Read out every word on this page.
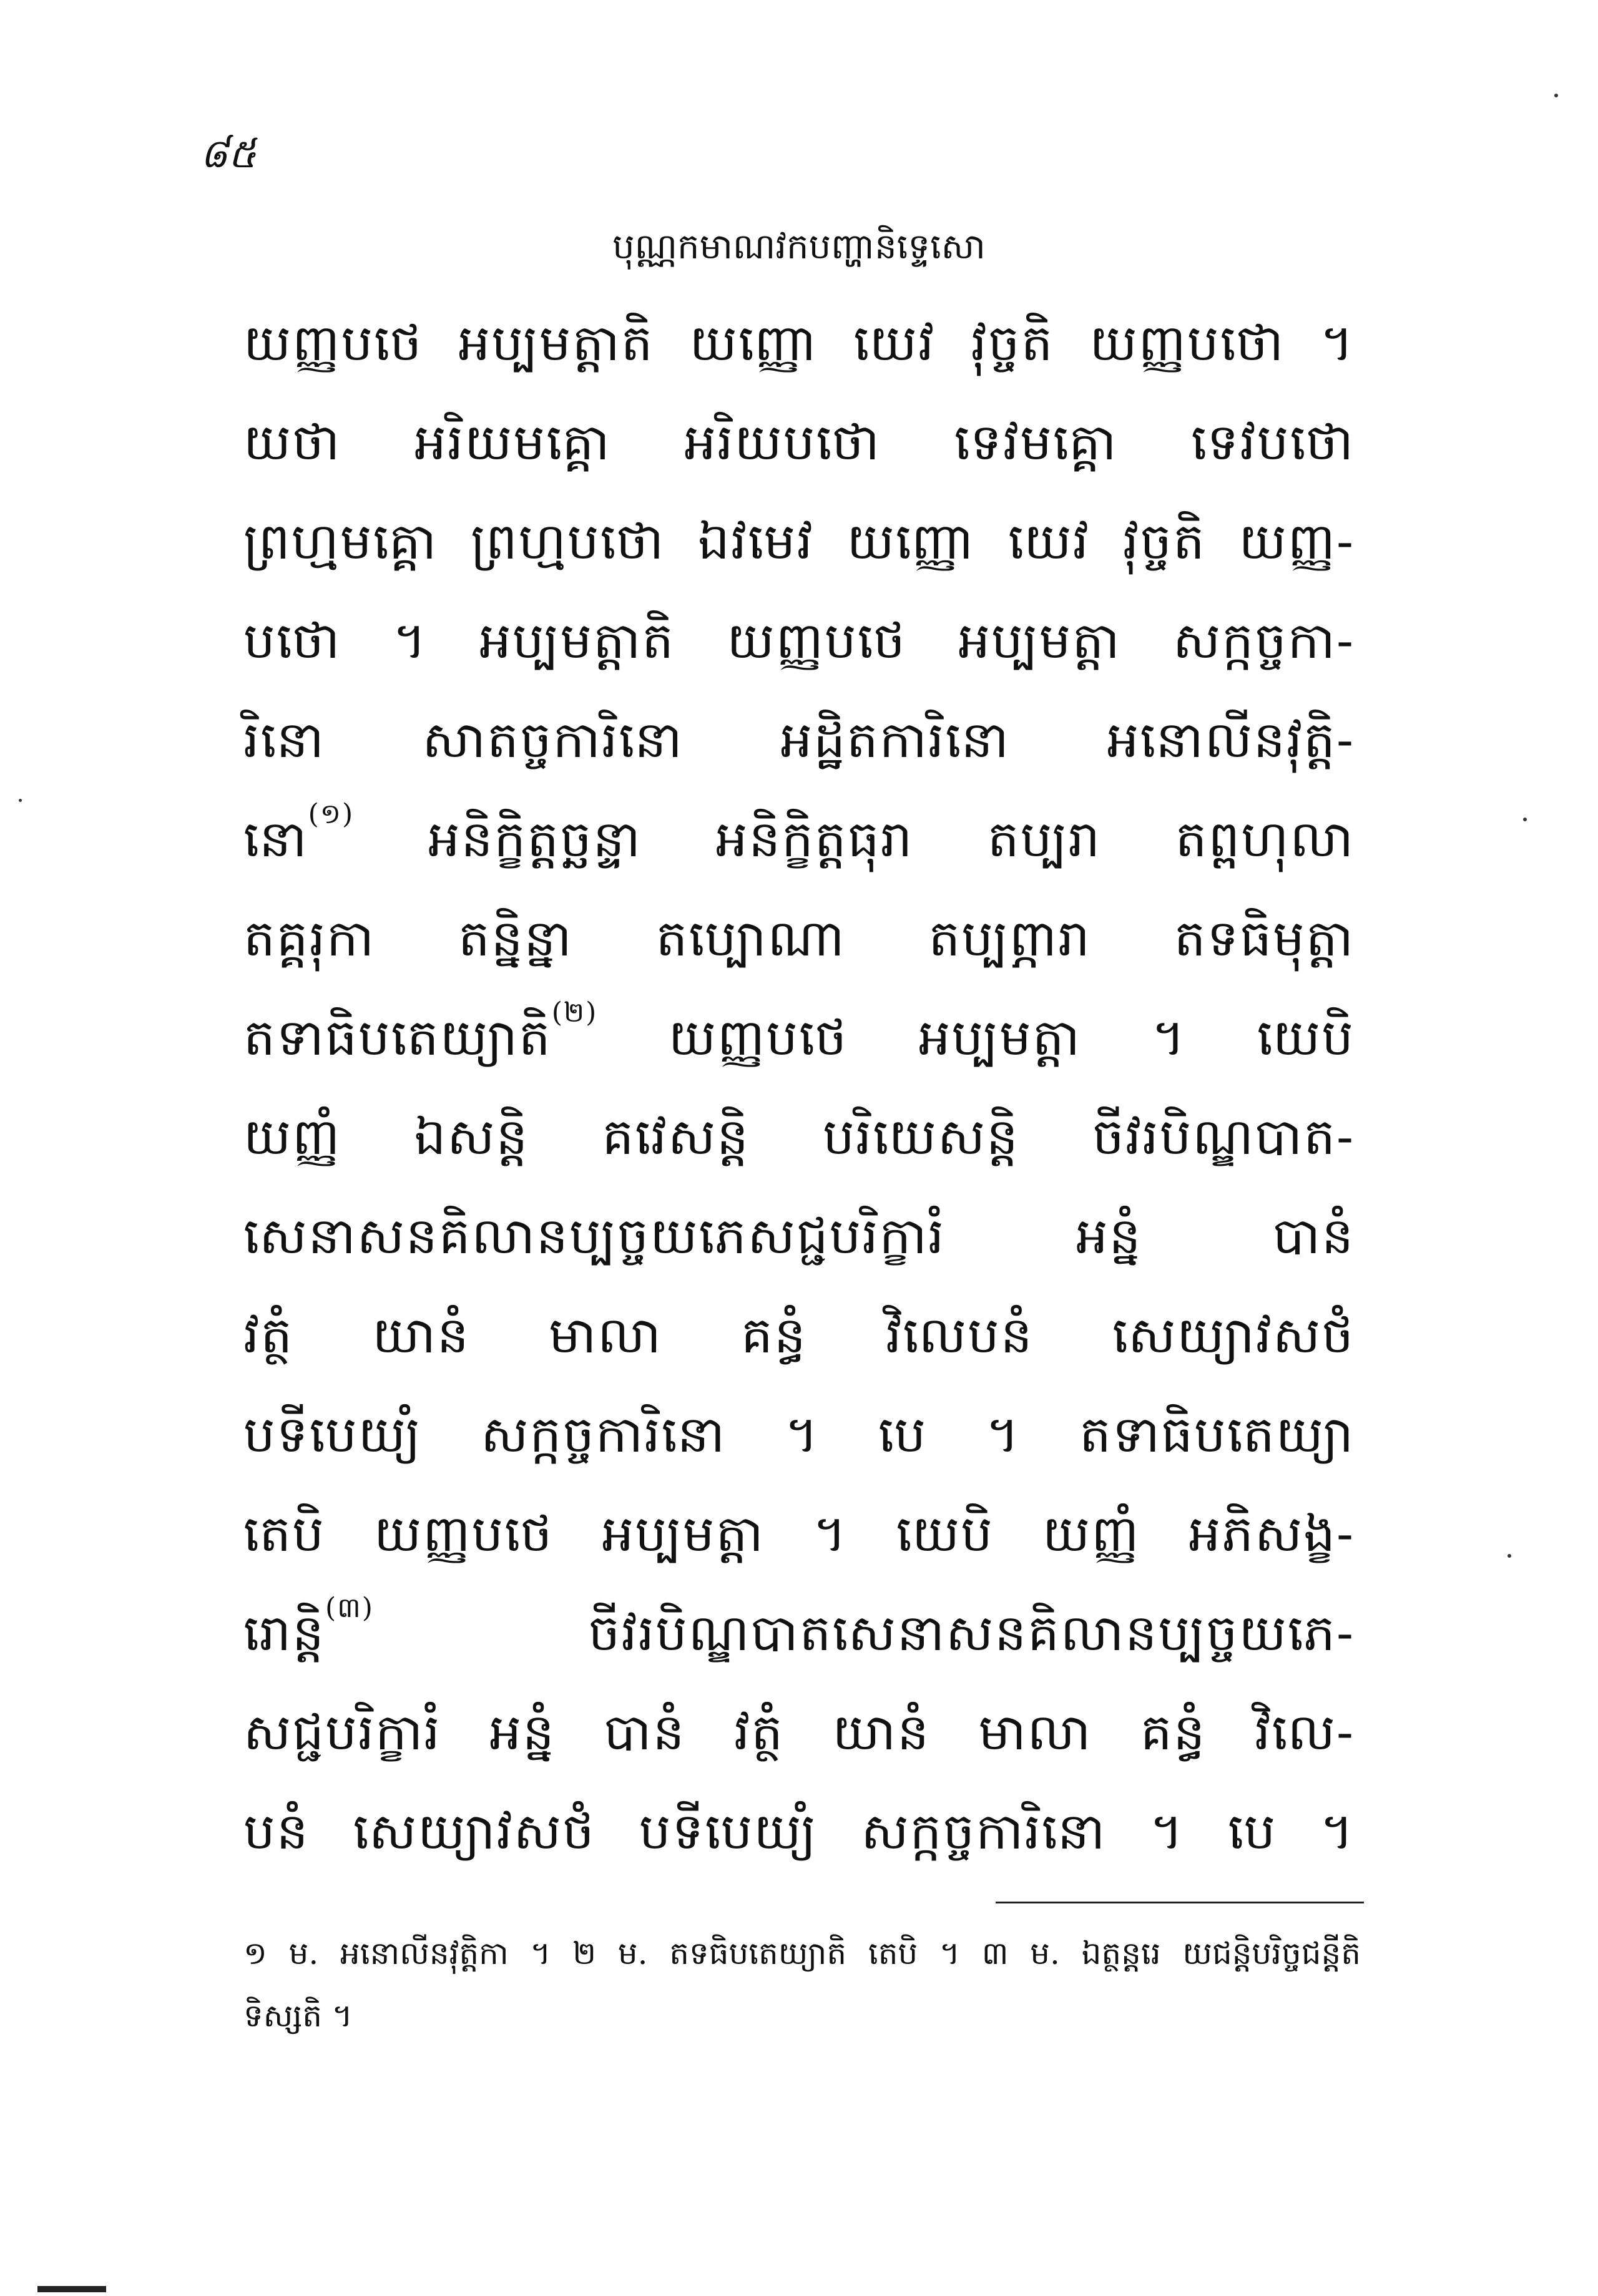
៨៥
បុណ្ណកមាណវកបញ្ហានិទ្ទេសោ
យញ្ញបថេ អប្បមត្តាតិ យញ្ញោ យេវ វុច្ចតិ យញ្ញបថោ ។
យថា អរិយមគ្គោ អរិយបថោ ទេវមគ្គោ ទេវបថោ
ព្រហ្មមគ្គោ ព្រហ្មបថោ ឯវមេវ យញ្ញោ យេវ វុច្ចតិ យញ្ញ-
បថោ ។ អប្បមត្តាតិ យញ្ញបថេ អប្បមត្តា សក្កច្ចកា-
រិនោ សាតច្ចការិនោ អដ្ឋិតការិនោ អនោលីនវុត្តិ-
នោ$^{(១)}$ អនិក្ខិត្តច្ឆន្ទា អនិក្ខិត្តធុរា តប្បរា តព្ពហុលា
តគ្គរុកា តន្និន្នា តប្បោណា តប្បព្ភារា តទធិមុត្តា
តទាធិបតេយ្យាតិ$^{(២)}$ យញ្ញបថេ អប្បមត្តា ។ យេបិ
យញ្ញំ ឯសន្តិ គវេសន្តិ បរិយេសន្តិ ចីវរបិណ្ឌបាត-
សេនាសនគិលានប្បច្ចយភេសជ្ជបរិក្ខារំ អន្នំ បានំ
វត្ថំ យានំ មាលា គន្ធំ វិលេបនំ សេយ្យាវសថំ
បទីបេយ្យំ សក្កច្ចការិនោ ។ បេ ។ តទាធិបតេយ្យា
តេបិ យញ្ញបថេ អប្បមត្តា ។ យេបិ យញ្ញំ អភិសង្ខ-
រោន្តិ$^{(៣)}$ ចីវរបិណ្ឌបាតសេនាសនគិលានប្បច្ចយភេ-
សជ្ជបរិក្ខារំ អន្នំ បានំ វត្ថំ យានំ មាលា គន្ធំ វិលេ-
បនំ សេយ្យាវសថំ បទីបេយ្យំ សក្កច្ចការិនោ ។ បេ ។
១ ម. អនោលីនវុត្តិកា ។ ២ ម. តទធិបតេយ្យាតិ តេបិ ។ ៣ ម. ឯត្ថន្តរេ យជន្តិបរិច្ចជន្តីតិ
ទិស្សតិ ។
